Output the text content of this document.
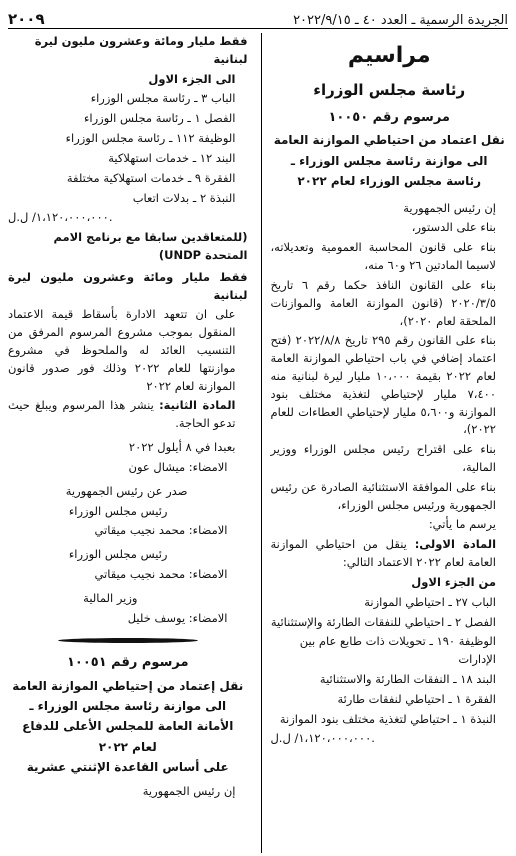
الجريدة الرسمية ـ العدد ٤٠ ـ ٢٠٢٢/٩/١٥
٢٠٠٩
مراسيم
رئاسة مجلس الوزراء
مرسوم رقم ١٠٠٥٠
نقل اعتماد من احتياطي الموازنة العامة
الى موازنة رئاسة مجلس الوزراء ـ
رئاسة مجلس الوزراء لعام ٢٠٢٢

إن رئيس الجمهورية

بناء على الدستور،

بناء على قانون المحاسبة العمومية وتعديلاته، لاسيما المادتين ٢٦ و٦٠ منه،

بناء على القانون النافذ حكما رقم ٦ تاريخ ٢٠٢٠/٣/٥ (قانون الموازنة العامة والموازنات الملحقة لعام ٢٠٢٠)،

بناء على القانون رقم ٢٩٥ تاريخ ٢٠٢٢/٨/٨ (فتح اعتماد إضافي في باب احتياطي الموازنة العامة لعام ٢٠٢٢ بقيمة ١٠،٠٠٠ مليار ليرة لبنانية منه ٧،٤٠٠ مليار لإحتياطي لتغذية مختلف بنود الموازنة و٥،٦٠٠ مليار لإحتياطي العطاءات للعام ٢٠٢٢)،

بناء على اقتراح رئيس مجلس الوزراء ووزير المالية،

بناء على الموافقة الاستثنائية الصادرة عن رئيس الجمهورية ورئيس مجلس الوزراء،

يرسم ما يأتي:

المادة الاولى: ينقل من احتياطي الموازنة العامة لعام ٢٠٢٢ الاعتماد التالي:

من الجزء الاول

الباب ٢٧ ـ احتياطي الموازنة

الفصل ٢ ـ احتياطي للنفقات الطارئة والإستثنائية

الوظيفة ١٩٠ ـ تحويلات ذات طابع عام بين الإدارات

البند ١٨ ـ النفقات الطارئة والاستثنائية

الفقرة ١ ـ احتياطي لنفقات طارئة

النبذة ١ ـ احتياطي لتغذية مختلف بنود الموازنة

١،١٢٠،٠٠٠،٠٠٠/ ل.ل.

فقط مليار ومائة وعشرون مليون ليرة لبنانية

الى الجزء الاول

الباب ٣ ـ رئاسة مجلس الوزراء

الفصل ١ ـ رئاسة مجلس الوزراء

الوظيفة ١١٢ ـ رئاسة مجلس الوزراء

البند ١٢ ـ خدمات استهلاكية

الفقرة ٩ ـ خدمات استهلاكية مختلفة

النبذة ٢ ـ بدلات اتعاب

١،١٢٠،٠٠٠،٠٠٠/ ل.ل.

(للمتعاقدين سابقا مع برنامج الامم المتحدة UNDP)

فقط مليار ومائة وعشرون مليون ليرة لبنانية

على ان تتعهد الادارة بأسقاط قيمة الاعتماد المنقول بموجب مشروع المرسوم المرفق من التنسيب العائد له والملحوظ في مشروع موازنتها للعام ٢٠٢٢ وذلك فور صدور قانون الموازنة لعام ٢٠٢٢

المادة الثانية: ينشر هذا المرسوم ويبلغ حيث تدعو الحاجة.

بعبدا في ٨ أيلول ٢٠٢٢

الامضاء: ميشال عون

صدر عن رئيس الجمهورية

رئيس مجلس الوزراء

الامضاء: محمد نجيب ميقاتي

رئيس مجلس الوزراء

الامضاء: محمد نجيب ميقاتي

وزير المالية

الامضاء: يوسف خليل

مرسوم رقم ١٠٠٥١
نقل إعتماد من إحتياطي الموازنة العامة
الى موازنة رئاسة مجلس الوزراء ـ
الأمانة العامة للمجلس الأعلى للدفاع لعام ٢٠٢٢
على أساس القاعدة الإثنتي عشرية

إن رئيس الجمهورية
